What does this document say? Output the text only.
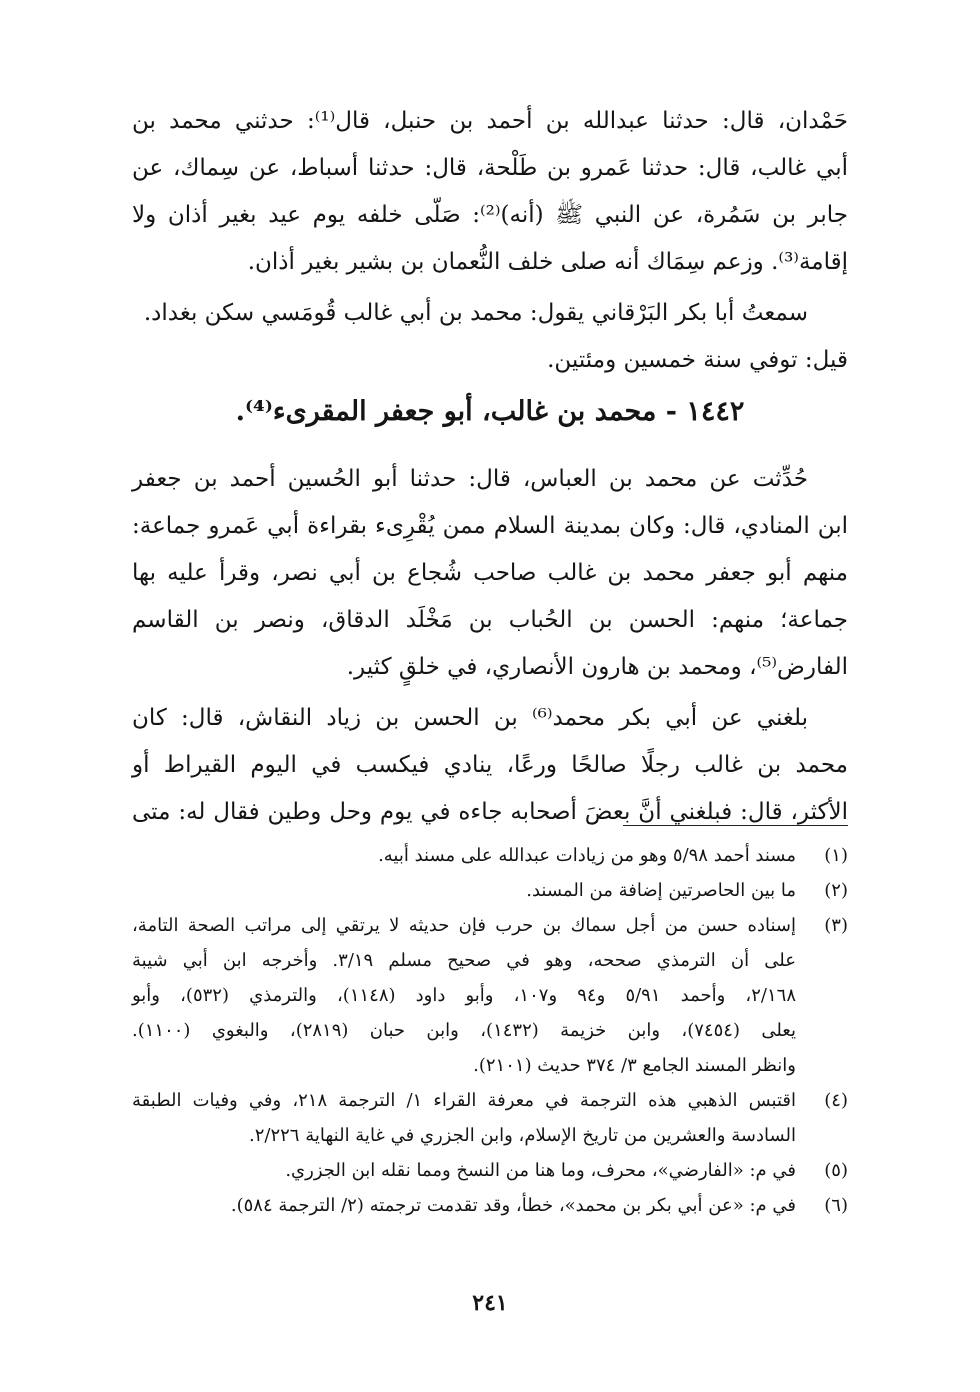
حَمْدان، قال: حدثنا عبدالله بن أحمد بن حنبل، قال⁽¹⁾: حدثني محمد بن
أبي غالب، قال: حدثنا عَمرو بن طَلْحة، قال: حدثنا أسباط، عن سِماك، عن
جابر بن سَمُرة، عن النبي ﷺ (أنه)⁽²⁾: صَلّى خلفه يوم عيد بغير أذان ولا
إقامة⁽³⁾. وزعم سِمَاك أنه صلى خلف النُّعمان بن بشير بغير أذان.
سمعتُ أبا بكر البَرْقاني يقول: محمد بن أبي غالب قُومَسي سكن بغداد.
قيل: توفي سنة خمسين ومئتين.
١٤٤٢ - محمد بن غالب، أبو جعفر المقرىء⁽⁴⁾.
حُدِّثت عن محمد بن العباس، قال: حدثنا أبو الحُسين أحمد بن جعفر
ابن المنادي، قال: وكان بمدينة السلام ممن يُقْرِىء بقراءة أبي عَمرو جماعة:
منهم أبو جعفر محمد بن غالب صاحب شُجاع بن أبي نصر، وقرأ عليه بها
جماعة؛ منهم: الحسن بن الحُباب بن مَخْلَد الدقاق، ونصر بن القاسم
الفارض⁽⁵⁾، ومحمد بن هارون الأنصاري، في خلقٍ كثير.
بلغني عن أبي بكر محمد⁽⁶⁾ بن الحسن بن زياد النقاش، قال: كان
محمد بن غالب رجلًا صالحًا ورعًا، ينادي فيكسب في اليوم القيراط أو
الأكثر، قال: فبلغني أنَّ بعضَ أصحابه جاءه في يوم وحل وطين فقال له: متى
(١)
مسند أحمد ٥/٩٨ وهو من زيادات عبدالله على مسند أبيه.
(٢)
ما بين الحاصرتين إضافة من المسند.
(٣)
إسناده حسن من أجل سماك بن حرب فإن حديثه لا يرتقي إلى مراتب الصحة التامة،
على أن الترمذي صححه، وهو في صحيح مسلم ٣/١٩. وأخرجه ابن أبي شيبة
٢/١٦٨، وأحمد ٥/٩١ و٩٤ و١٠٧، وأبو داود (١١٤٨)، والترمذي (٥٣٢)، وأبو
يعلى (٧٤٥٤)، وابن خزيمة (١٤٣٢)، وابن حبان (٢٨١٩)، والبغوي (١١٠٠).
وانظر المسند الجامع ٣/ ٣٧٤ حديث (٢١٠١).
(٤)
اقتبس الذهبي هذه الترجمة في معرفة القراء ١/ الترجمة ٢١٨، وفي وفيات الطبقة
السادسة والعشرين من تاريخ الإسلام، وابن الجزري في غاية النهاية ٢/٢٢٦.
(٥)
في م: «الفارضي»، محرف، وما هنا من النسخ ومما نقله ابن الجزري.
(٦)
في م: «عن أبي بكر بن محمد»، خطأ، وقد تقدمت ترجمته (٢/ الترجمة ٥٨٤).
٢٤١
